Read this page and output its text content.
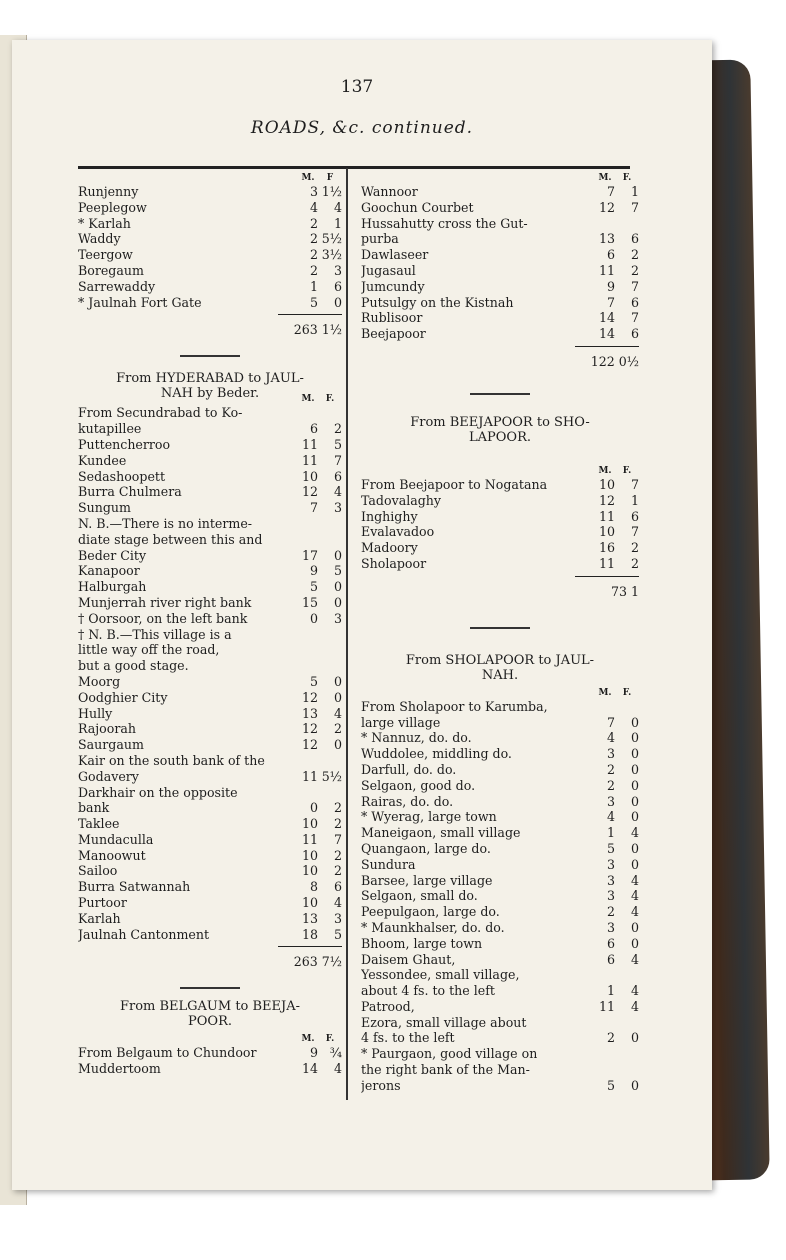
137
ROADS, &c. continued.
M.	F
Runjenny	3 1½
Peeplegow	4	4
* Karlah	2	1
Waddy	2 5½
Teergow	2 3½
Boregaum	2	3
Sarrewaddy	1	6
* Jaulnah Fort Gate	5	0
263 1½
From HYDERABAD to JAUL-
NAH by Beder.	M.	F.
From Secundrabad to Ko-
kutapillee	6	2
Puttencherroo	11	5
Kundee	11	7
Sedashoopett	10	6
Burra Chulmera	12	4
Sungum	7	3
N. B.—There is no interme-
diate stage between this and
Beder City	17	0
Kanapoor	9	5
Halburgah	5	0
Munjerrah river right bank	15	0
† Oorsoor, on the left bank	0	3
† N. B.—This village is a
little way off the road,
but a good stage.
Moorg	5	0
Oodghier City	12	0
Hully	13	4
Rajoorah	12	2
Saurgaum	12	0
Kair on the south bank of the
Godavery	11 5½
Darkhair on the opposite
bank	0	2
Taklee	10	2
Mundaculla	11	7
Manoowut	10	2
Sailoo	10	2
Burra Satwannah	8	6
Purtoor	10	4
Karlah	13	3
Jaulnah Cantonment	18	5
263 7½
From BELGAUM to BEEJA-
POOR.
M.	F.
From Belgaum to Chundoor	9 ¾
Muddertoom	14	4
M.	F.
Wannoor	7	1
Goochun Courbet	12	7
Hussahutty cross the Gut-
purba	13	6
Dawlaseer	6	2
Jugasaul	11	2
Jumcundy	9	7
Putsulgy on the Kistnah	7	6
Rublisoor	14	7
Beejapoor	14	6
122 0½
From BEEJAPOOR to SHO-
LAPOOR.
M.	F.
From Beejapoor to Nogatana	10	7
Tadovalaghy	12	1
Inghighy	11	6
Evalavadoo	10	7
Madoory	16	2
Sholapoor	11	2
73 1
From SHOLAPOOR to JAUL-
NAH.
M.	F.
From Sholapoor to Karumba,
large village	7	0
* Nannuz, do. do.	4	0
Wuddolee, middling do.	3	0
Darfull, do. do.	2	0
Selgaon, good do.	2	0
Rairas, do. do.	3	0
* Wyerag, large town	4	0
Maneigaon, small village	1	4
Quangaon, large do.	5	0
Sundura	3	0
Barsee, large village	3	4
Selgaon, small do.	3	4
Peepulgaon, large do.	2	4
* Maunkhalser, do. do.	3	0
Bhoom, large town	6	0
Daisem Ghaut,	6	4
Yessondee, small village,
about 4 fs. to the left	1	4
Patrood,	11	4
Ezora, small village about
4 fs. to the left	2	0
* Paurgaon, good village on
the right bank of the Man-
jerons	5	0
